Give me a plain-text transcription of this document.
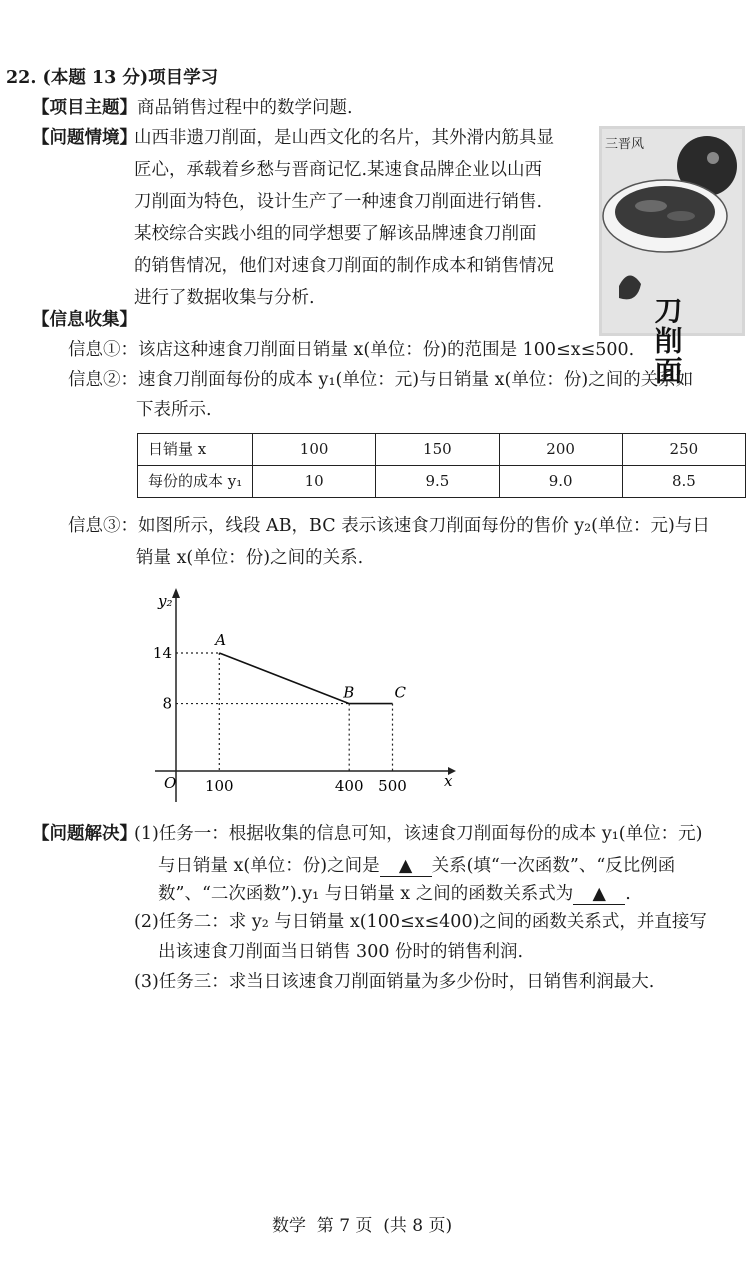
22. (本题 13 分)项目学习
【项目主题】商品销售过程中的数学问题.
【问题情境】
山西非遗刀削面，是山西文化的名片，其外滑内筋具显
匠心，承载着乡愁与晋商记忆.某速食品牌企业以山西
刀削面为特色，设计生产了一种速食刀削面进行销售.
某校综合实践小组的同学想要了解该品牌速食刀削面
的销售情况，他们对速食刀削面的制作成本和销售情况
进行了数据收集与分析.
三晋风
刀削面
【信息收集】
信息①：该店这种速食刀削面日销量 x(单位：份)的范围是 100≤x≤500.
信息②：速食刀削面每份的成本 y₁(单位：元)与日销量 x(单位：份)之间的关系如
下表所示.
日销量 x	100	150	200	250
每份的成本 y₁	10	9.5	9.0	8.5
信息③：如图所示，线段 AB，BC 表示该速食刀削面每份的售价 y₂(单位：元)与日
销量 x(单位：份)之间的关系.
y₂
x
O
A
B	C
100	400 500
14
8
【问题解决】
(1)任务一：根据收集的信息可知，该速食刀削面每份的成本 y₁(单位：元)
与日销量 x(单位：份)之间是 ▲ 关系(填“一次函数”、“反比例函
数”、“二次函数”).y₁ 与日销量 x 之间的函数关系式为 ▲ .
(2)任务二：求 y₂ 与日销量 x(100≤x≤400)之间的函数关系式，并直接写
出该速食刀削面当日销售 300 份时的销售利润.
(3)任务三：求当日该速食刀削面销量为多少份时，日销售利润最大.
数学  第 7 页  (共 8 页)
